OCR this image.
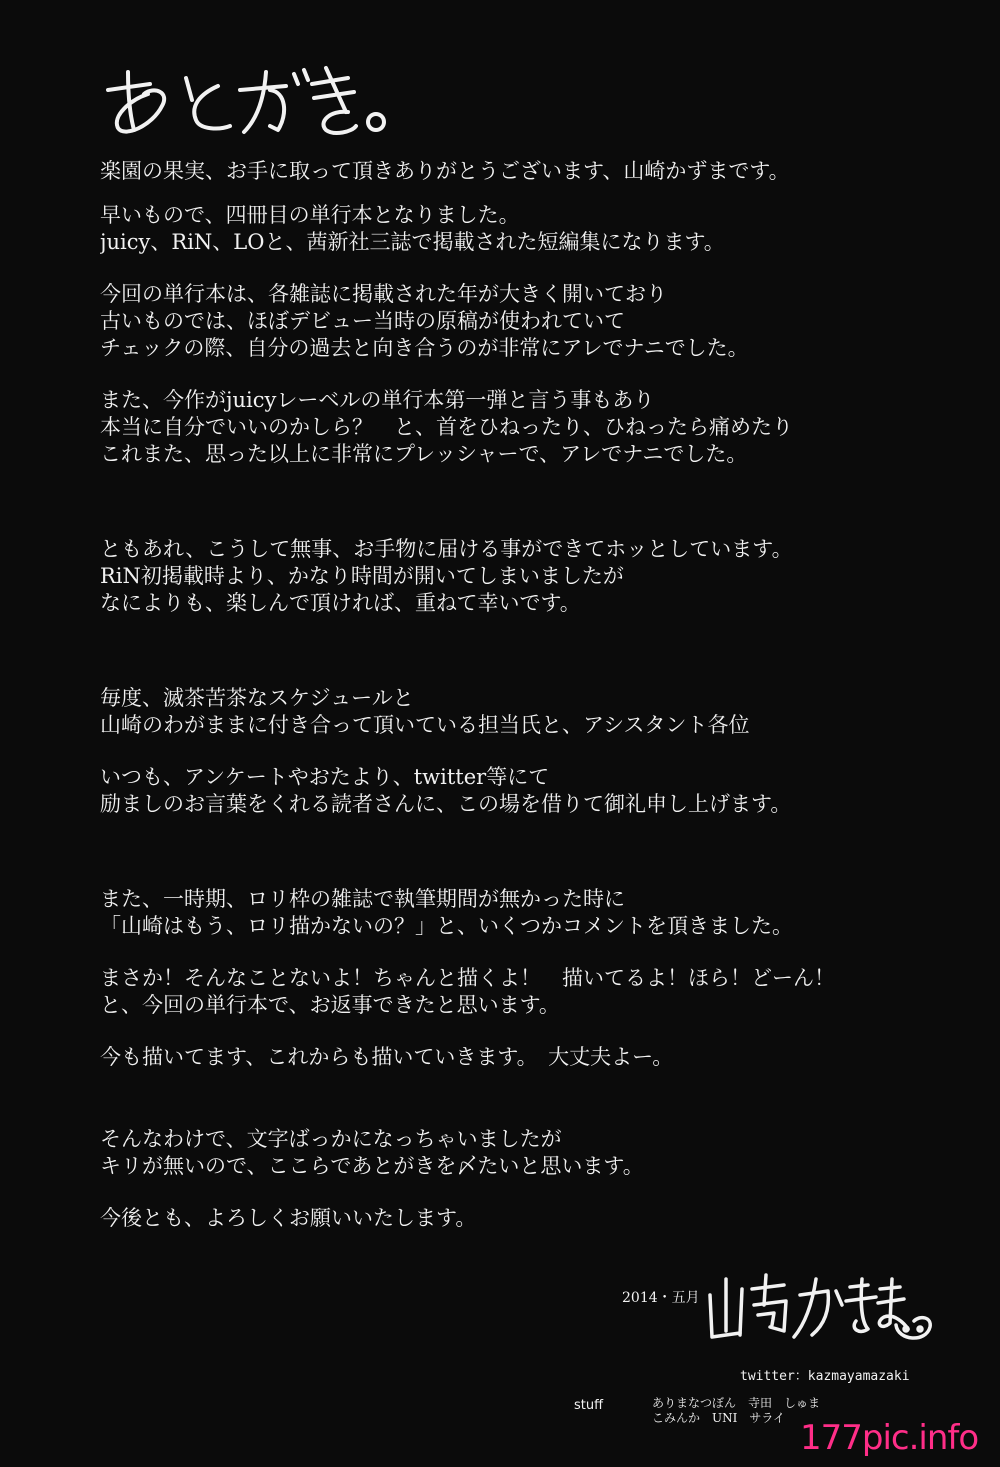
楽園の果実、お手に取って頂きありがとうございます、山崎かずまです。
早いもので、四冊目の単行本となりました。
juicy、RiN、LOと、茜新社三誌で掲載された短編集になります。
今回の単行本は、各雑誌に掲載された年が大きく開いており
古いものでは、ほぼデビュー当時の原稿が使われていて
チェックの際、自分の過去と向き合うのが非常にアレでナニでした。
また、今作がjuicyレーベルの単行本第一弾と言う事もあり
本当に自分でいいのかしら？　と、首をひねったり、ひねったら痛めたり
これまた、思った以上に非常にプレッシャーで、アレでナニでした。
ともあれ、こうして無事、お手物に届ける事ができてホッとしています。
RiN初掲載時より、かなり時間が開いてしまいましたが
なによりも、楽しんで頂ければ、重ねて幸いです。
毎度、滅茶苦茶なスケジュールと
山崎のわがままに付き合って頂いている担当氏と、アシスタント各位
いつも、アンケートやおたより、twitter等にて
励ましのお言葉をくれる読者さんに、この場を借りて御礼申し上げます。
また、一時期、ロリ枠の雑誌で執筆期間が無かった時に
「山崎はもう、ロリ描かないの？」と、いくつかコメントを頂きました。
まさか！そんなことないよ！ちゃんと描くよ！　描いてるよ！ほら！どーん！
と、今回の単行本で、お返事できたと思います。
今も描いてます、これからも描いていきます。　大丈夫よー。
そんなわけで、文字ばっかになっちゃいましたが
キリが無いので、ここらであとがきを〆たいと思います。
今後とも、よろしくお願いいたします。
2014・五月
twitter：kazmayamazaki
stuff	ありまなつぼん　寺田　しゅま
こみんか　UNI　サライ 177pic.info
